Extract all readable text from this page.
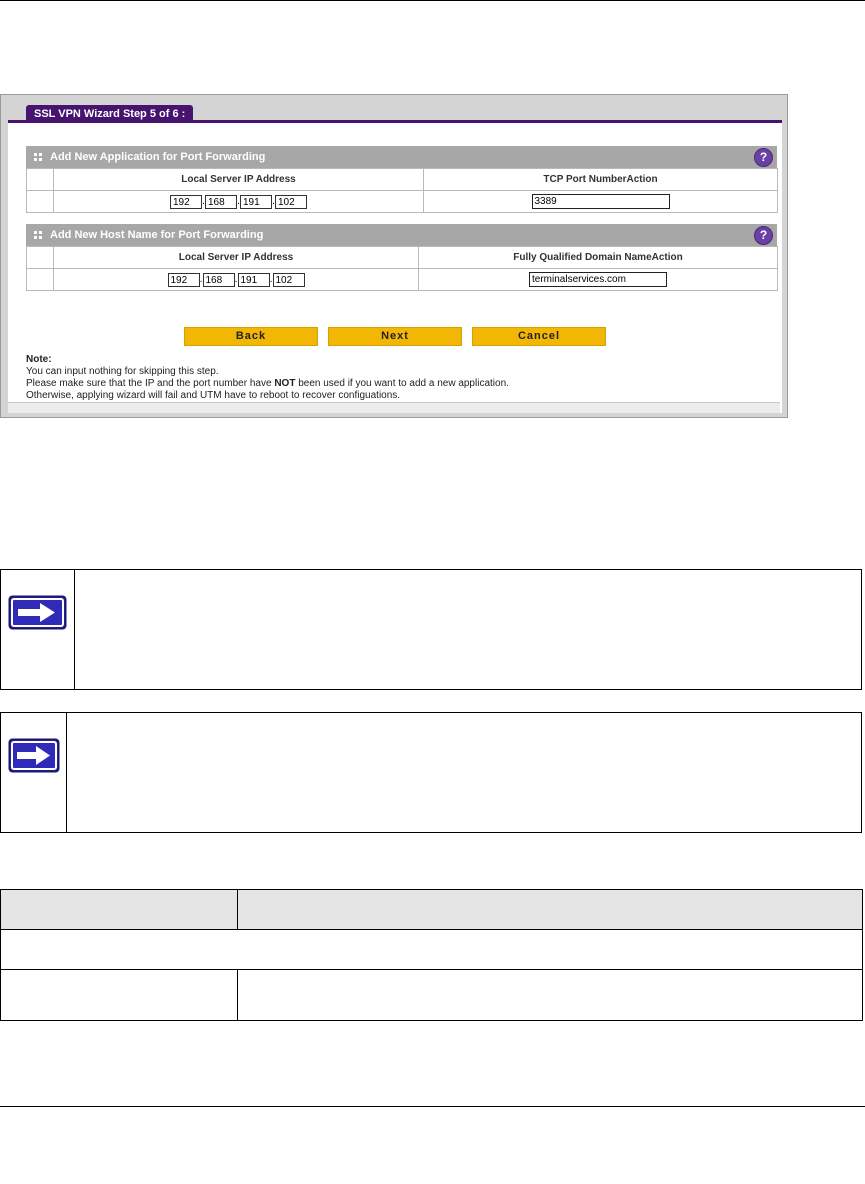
SSL VPN Wizard Step 5 of 6 :
Add New Application for Port Forwarding	?
	Local Server IP Address	TCP Port NumberAction
	192 . 168 . 191 . 102	3389
Add New Host Name for Port Forwarding	?
	Local Server IP Address	Fully Qualified Domain NameAction
	192 . 168 . 191 . 102	terminalservices.com
Back	Next	Cancel
Note:
You can input nothing for skipping this step.
Please make sure that the IP and the port number have NOT been used if you want to add a new application.
Otherwise, applying wizard will fail and UTM have to reboot to recover configuations.
